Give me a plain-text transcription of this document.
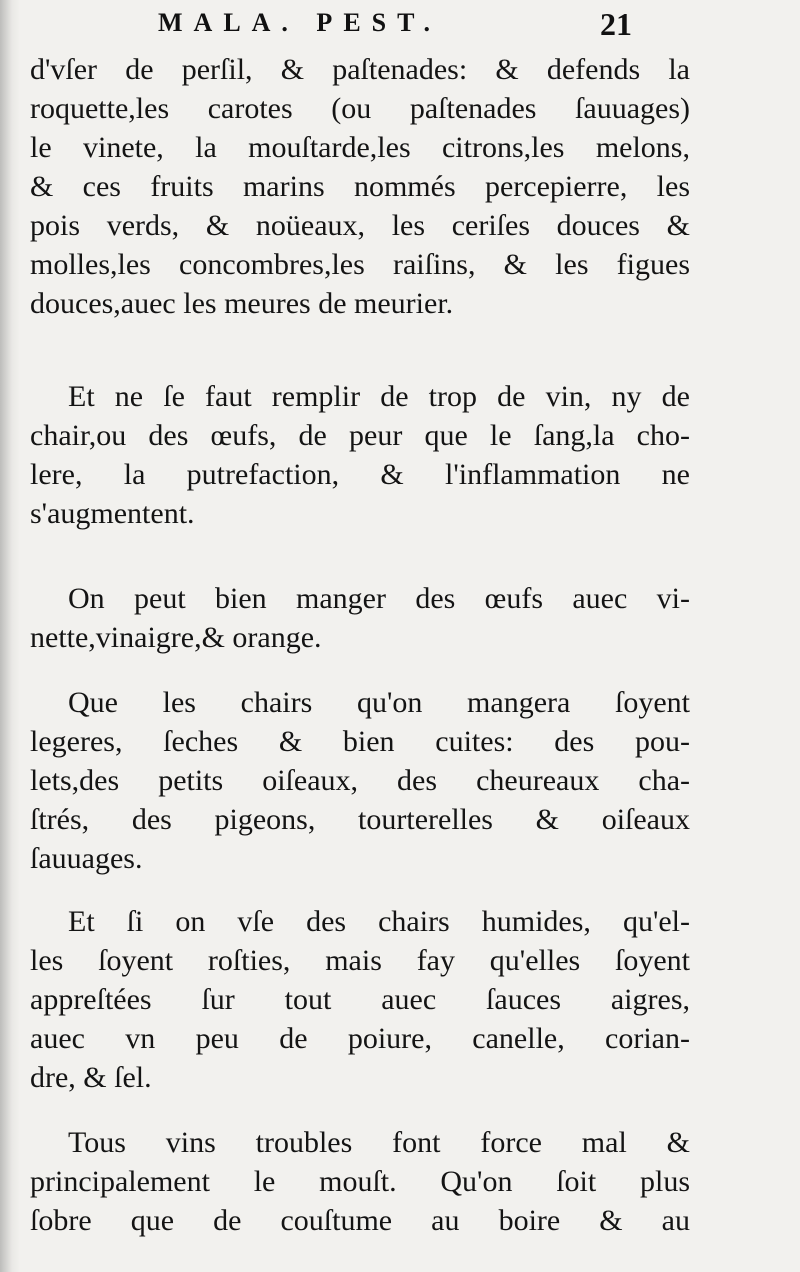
MALA. PEST.	21
d'vſer de perſil, & paſtenades: & defends la
roquette,les carotes (ou paſtenades ſauuages)
le vinete, la mouſtarde,les citrons,les melons,
& ces fruits marins nommés percepierre, les
pois verds, & noüeaux, les ceriſes douces &
molles,les concombres,les raiſins, & les figues
douces,auec les meures de meurier.
Et ne ſe faut remplir de trop de vin, ny de
chair,ou des œufs, de peur que le ſang,la cho-
lere, la putrefaction, & l'inflammation ne
s'augmentent.
On peut bien manger des œufs auec vi-
nette,vinaigre,& orange.
Que les chairs qu'on mangera ſoyent
legeres, ſeches & bien cuites: des pou-
lets,des petits oiſeaux, des cheureaux cha-
ſtrés, des pigeons, tourterelles & oiſeaux
ſauuages.
Et ſi on vſe des chairs humides, qu'el-
les ſoyent roſties, mais fay qu'elles ſoyent
appreſtées ſur tout auec ſauces aigres,
auec vn peu de poiure, canelle, corian-
dre, & ſel.
Tous vins troubles font force mal &
principalement le mouſt. Qu'on ſoit plus
ſobre que de couſtume au boire & au
